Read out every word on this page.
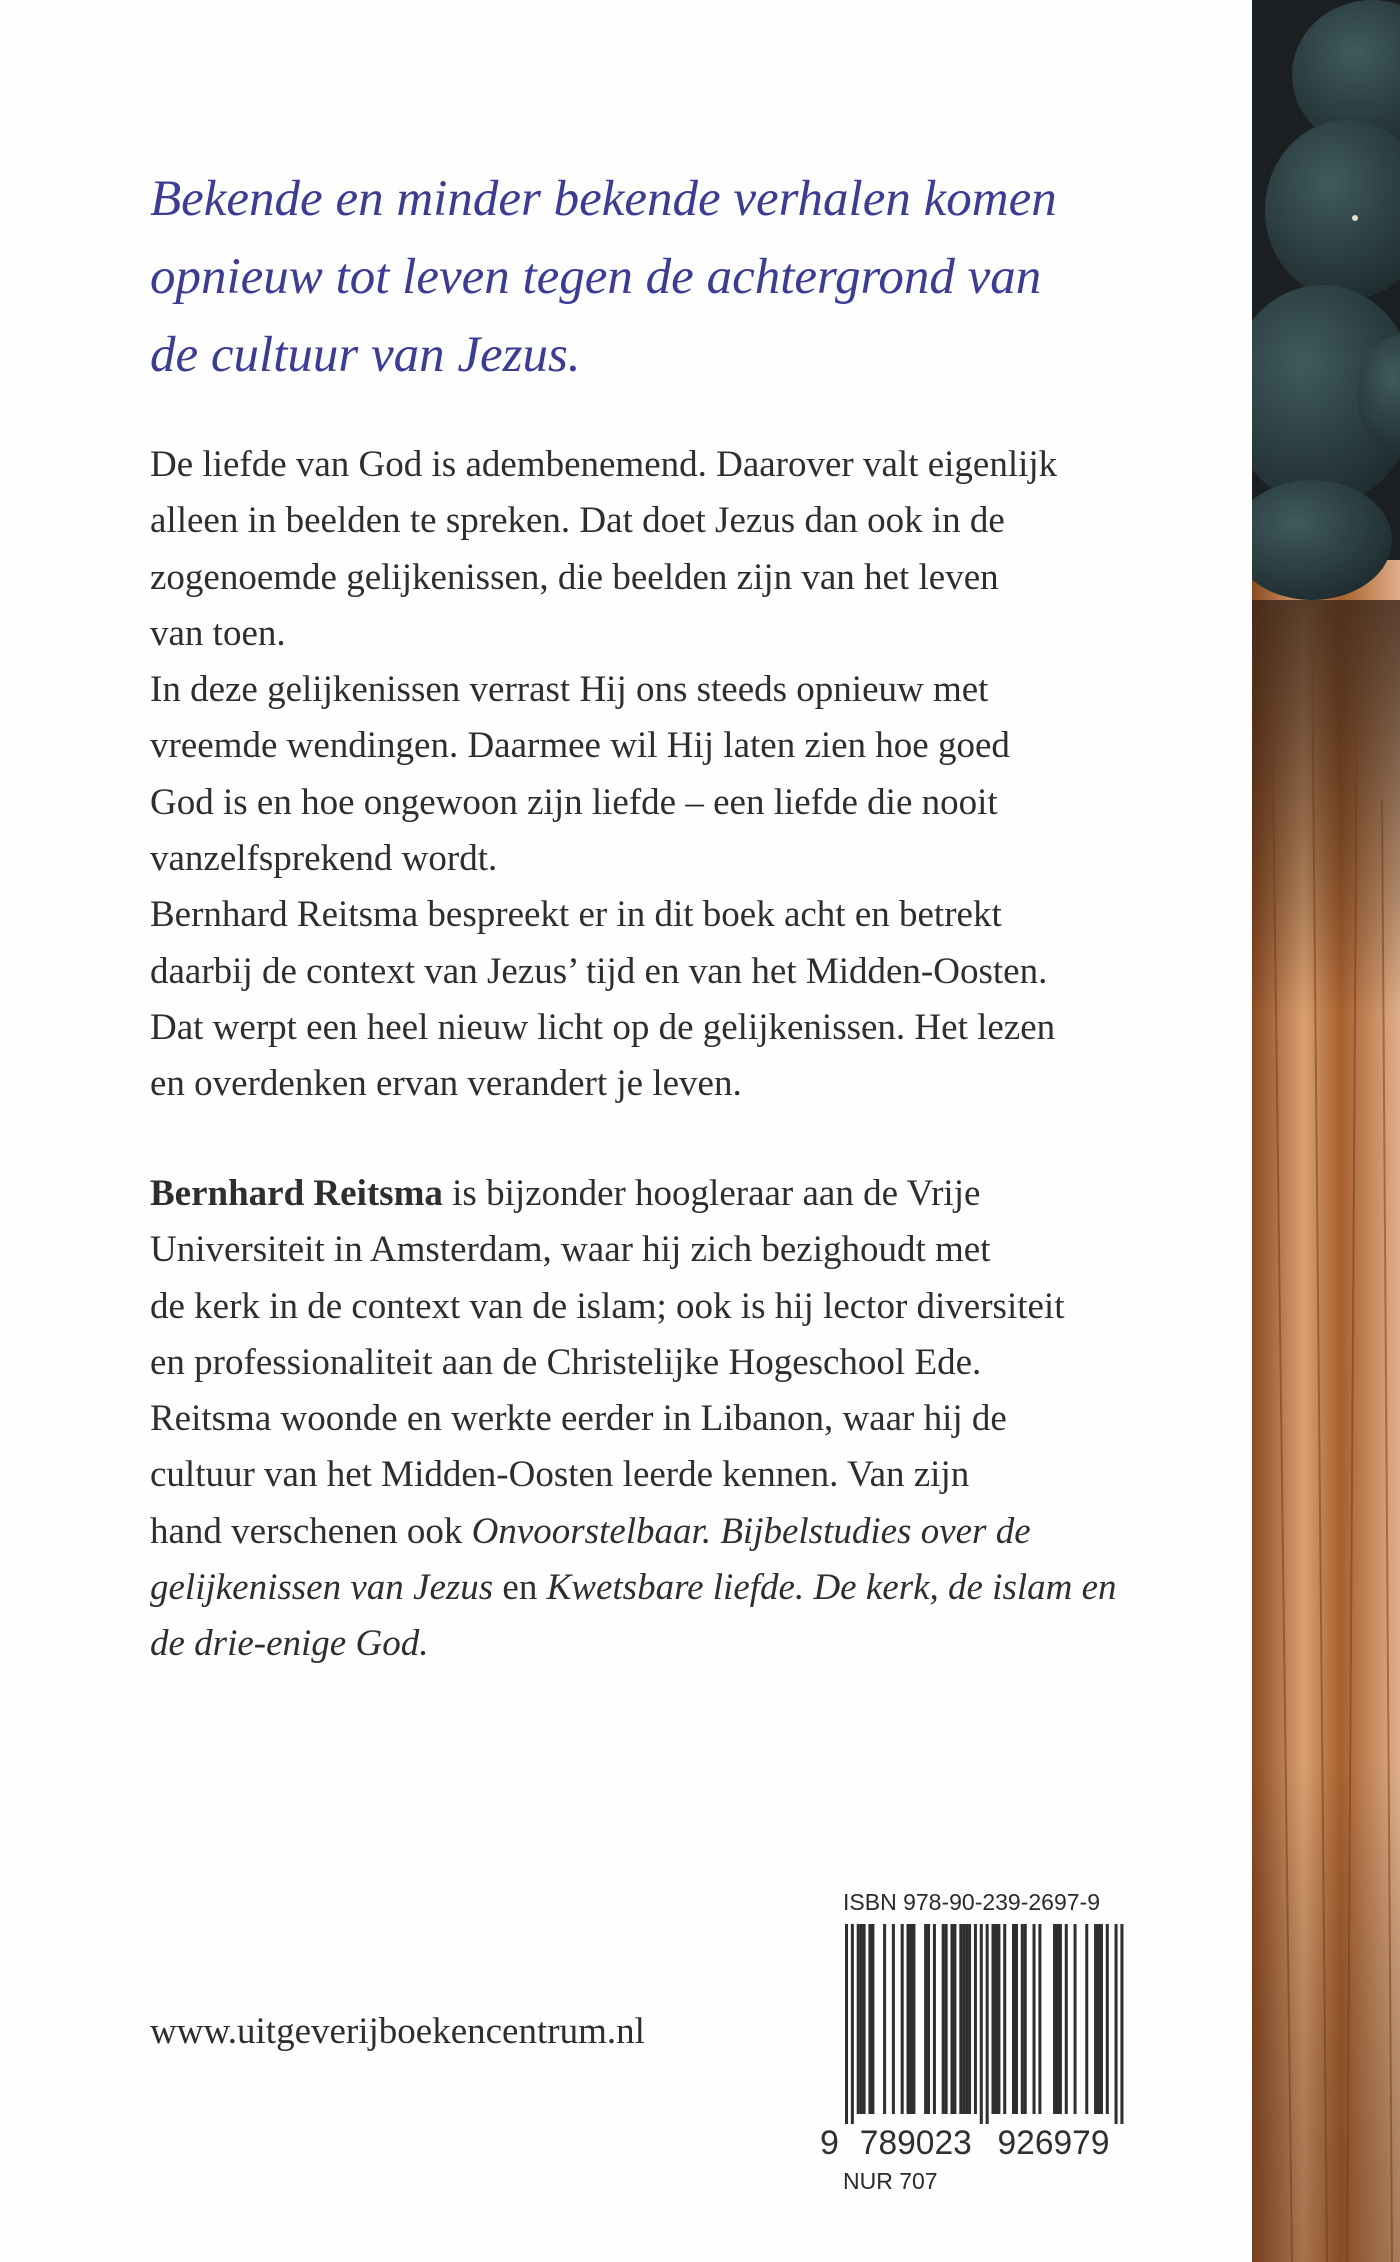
Bekende en minder bekende verhalen komen
opnieuw tot leven tegen de achtergrond van
de cultuur van Jezus.
De liefde van God is adembenemend. Daarover valt eigenlijk
alleen in beelden te spreken. Dat doet Jezus dan ook in de
zogenoemde gelijkenissen, die beelden zijn van het leven
van toen.
In deze gelijkenissen verrast Hij ons steeds opnieuw met
vreemde wendingen. Daarmee wil Hij laten zien hoe goed
God is en hoe ongewoon zijn liefde – een liefde die nooit
vanzelfsprekend wordt.
Bernhard Reitsma bespreekt er in dit boek acht en betrekt
daarbij de context van Jezus’ tijd en van het Midden-Oosten.
Dat werpt een heel nieuw licht op de gelijkenissen. Het lezen
en overdenken ervan verandert je leven.
Bernhard Reitsma is bijzonder hoogleraar aan de Vrije
Universiteit in Amsterdam, waar hij zich bezighoudt met
de kerk in de context van de islam; ook is hij lector diversiteit
en professionaliteit aan de Christelijke Hogeschool Ede.
Reitsma woonde en werkte eerder in Libanon, waar hij de
cultuur van het Midden-Oosten leerde kennen. Van zijn
hand verschenen ook Onvoorstelbaar. Bijbelstudies over de
gelijkenissen van Jezus en Kwetsbare liefde. De kerk, de islam en
de drie-enige God.
www.uitgeverijboekencentrum.nl
ISBN 978-90-239-2697-9
9 789023 926979
NUR 707
